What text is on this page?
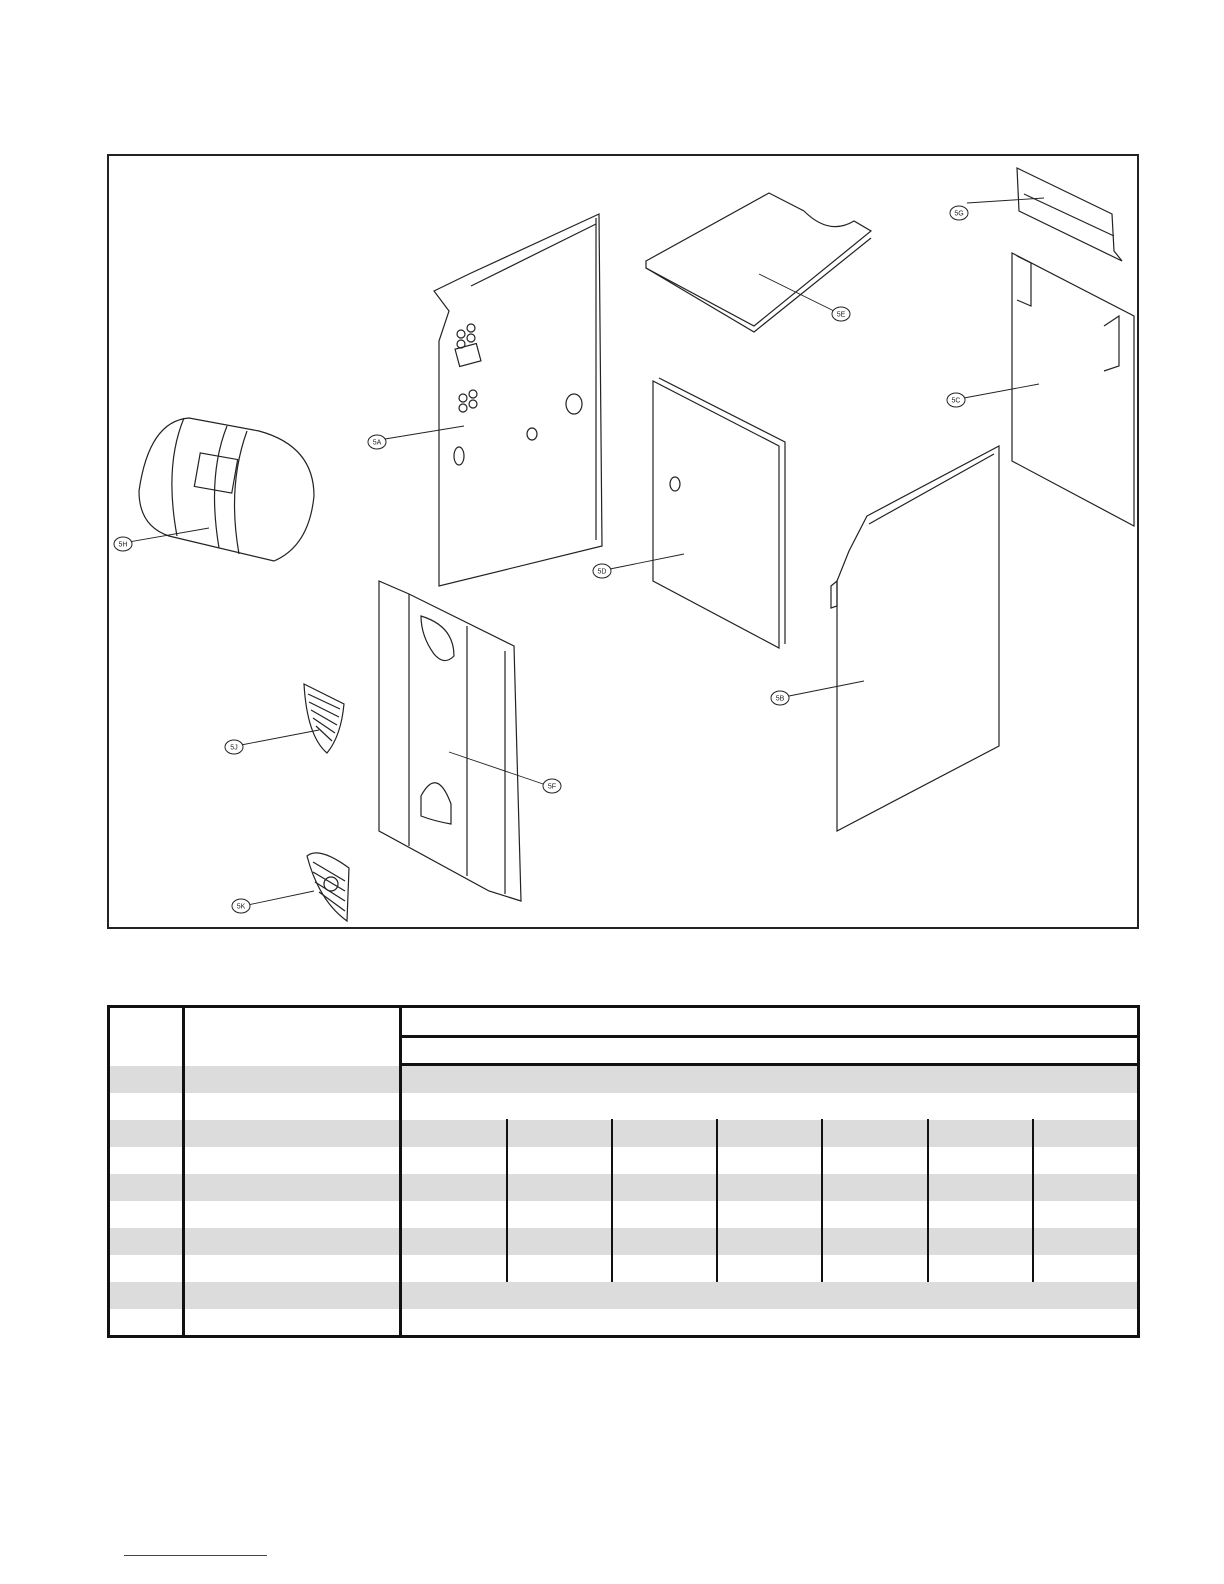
5A
5B
5C
5D
5E
5F
5G
5H
5J
5K
